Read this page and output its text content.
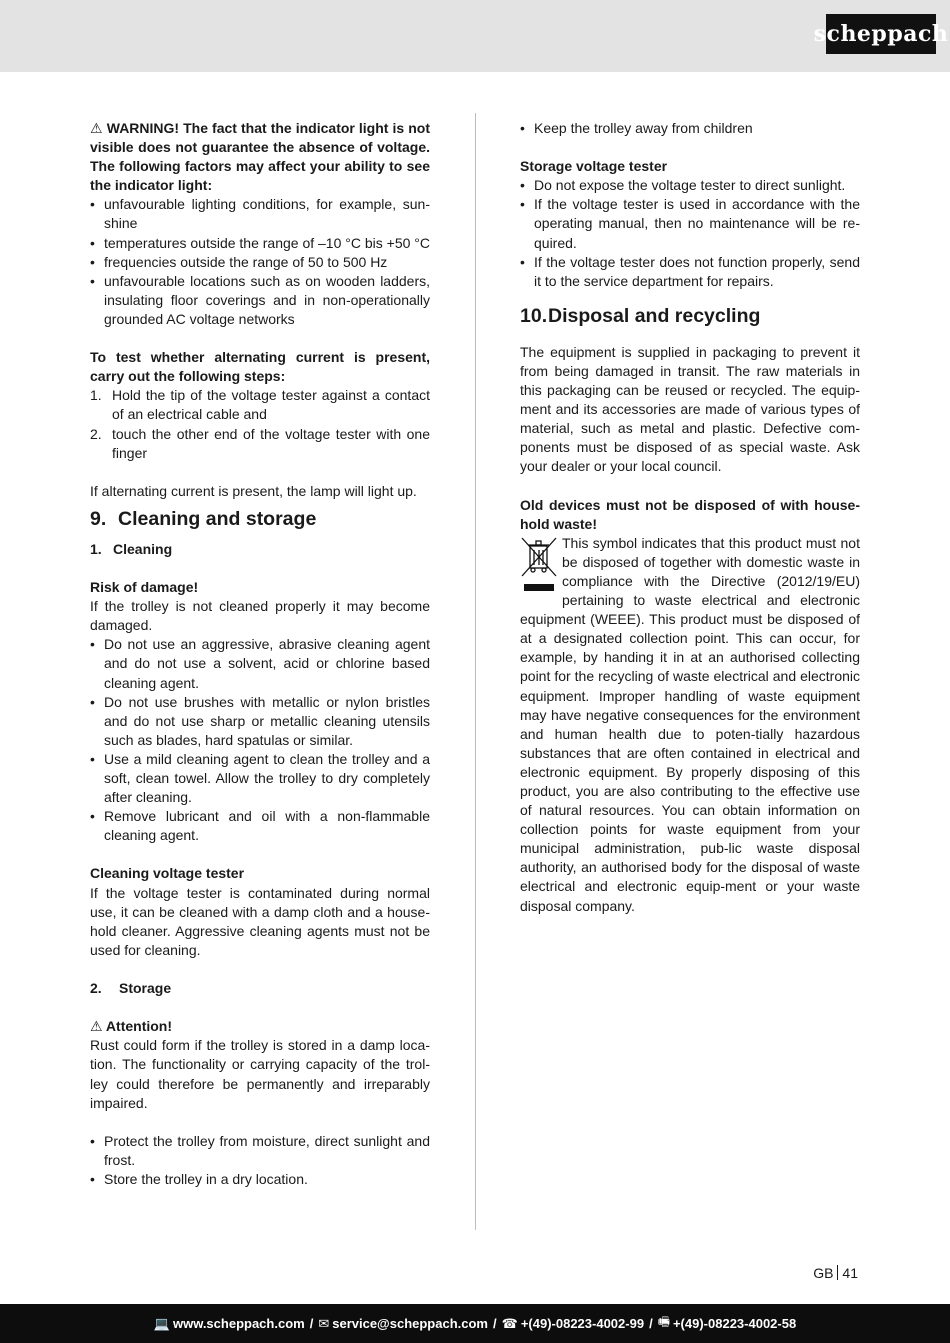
scheppach

⚠ WARNING! The fact that the indicator light is not visible does not guarantee the absence of voltage. The following factors may affect your ability to see the indicator light:

• unfavourable lighting conditions, for example, sun-shine
• temperatures outside the range of –10 °C bis +50 °C
• frequencies outside the range of 50 to 500 Hz
• unfavourable locations such as on wooden ladders, insulating floor coverings and in non-operationally grounded AC voltage networks

To test whether alternating current is present, carry out the following steps:

1. Hold the tip of the voltage tester against a contact of an electrical cable and
2. touch the other end of the voltage tester with one finger

If alternating current is present, the lamp will light up.

9. Cleaning and storage
1. Cleaning

Risk of damage!

If the trolley is not cleaned properly it may become damaged.

• Do not use an aggressive, abrasive cleaning agent and do not use a solvent, acid or chlorine based cleaning agent.
• Do not use brushes with metallic or nylon bristles and do not use sharp or metallic cleaning utensils such as blades, hard spatulas or similar.
• Use a mild cleaning agent to clean the trolley and a soft, clean towel. Allow the trolley to dry completely after cleaning.
• Remove lubricant and oil with a non-flammable cleaning agent.

Cleaning voltage tester

If the voltage tester is contaminated during normal use, it can be cleaned with a damp cloth and a house-hold cleaner. Aggressive cleaning agents must not be used for cleaning.

2. Storage

⚠ Attention!

Rust could form if the trolley is stored in a damp loca-tion. The functionality or carrying capacity of the trol-ley could therefore be permanently and irreparably impaired.

• Protect the trolley from moisture, direct sunlight and frost.
• Store the trolley in a dry location.
• Keep the trolley away from children

Storage voltage tester

• Do not expose the voltage tester to direct sunlight.
• If the voltage tester is used in accordance with the operating manual, then no maintenance will be re-quired.
• If the voltage tester does not function properly, send it to the service department for repairs.
10.Disposal and recycling

The equipment is supplied in packaging to prevent it from being damaged in transit. The raw materials in this packaging can be reused or recycled. The equip-ment and its accessories are made of various types of material, such as metal and plastic. Defective com-ponents must be disposed of as special waste. Ask your dealer or your local council.

Old devices must not be disposed of with house-hold waste!

This symbol indicates that this product must not be disposed of together with domestic waste in compliance with the Directive (2012/19/EU) pertaining to waste electrical and electronic equipment (WEEE). This product must be disposed of at a designated collection point. This can occur, for example, by handing it in at an authorised collecting point for the recycling of waste electrical and electronic equipment. Improper handling of waste equipment may have negative consequences for the environment and human health due to poten-tially hazardous substances that are often contained in electrical and electronic equipment. By properly disposing of this product, you are also contributing to the effective use of natural resources. You can obtain information on collection points for waste equipment from your municipal administration, pub-lic waste disposal authority, an authorised body for the disposal of waste electrical and electronic equip-ment or your waste disposal company.
GB 41
💻 www.scheppach.com / ✉ service@scheppach.com / ☎ +(49)-08223-4002-99 / 🖷 +(49)-08223-4002-58
